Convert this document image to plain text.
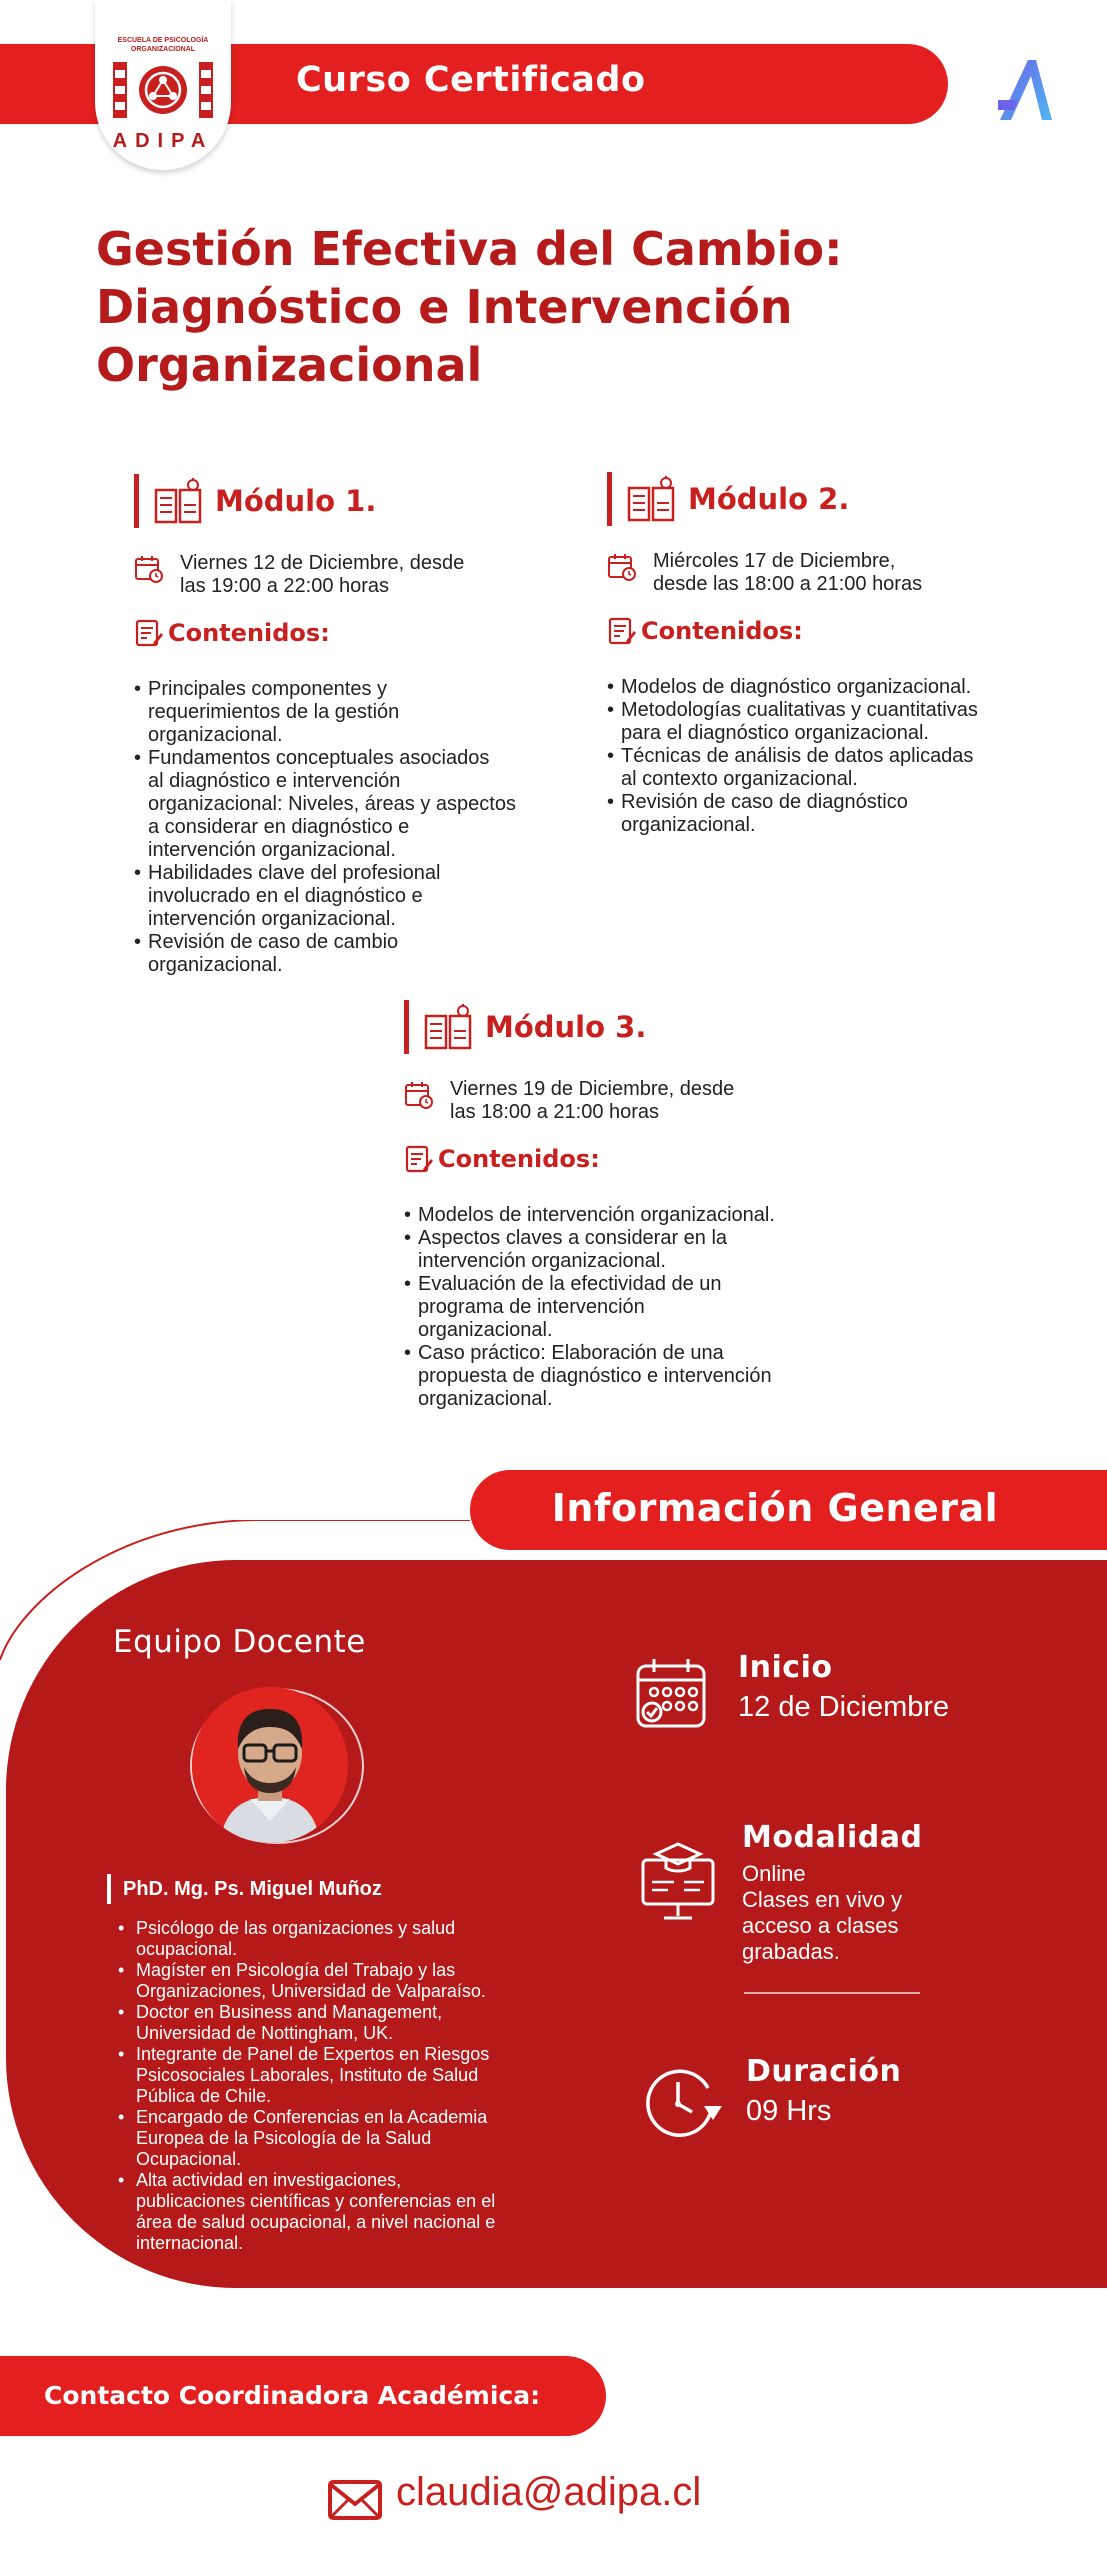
Curso Certificado
ESCUELA DE PSICOLOGÍA ORGANIZACIONAL
ADIPA
Gestión Efectiva del Cambio:
Diagnóstico e Intervención
Organizacional
Módulo 1.
Viernes 12 de Diciembre, desde
las 19:00 a 22:00 horas
Contenidos:
• Principales componentes y
requerimientos de la gestión
organizacional.
• Fundamentos conceptuales asociados
al diagnóstico e intervención
organizacional: Niveles, áreas y aspectos
a considerar en diagnóstico e
intervención organizacional.
• Habilidades clave del profesional
involucrado en el diagnóstico e
intervención organizacional.
• Revisión de caso de cambio
organizacional.
Módulo 2.
Miércoles 17 de Diciembre,
desde las 18:00 a 21:00 horas
Contenidos:
• Modelos de diagnóstico organizacional.
• Metodologías cualitativas y cuantitativas
para el diagnóstico organizacional.
• Técnicas de análisis de datos aplicadas
al contexto organizacional.
• Revisión de caso de diagnóstico
organizacional.
Módulo 3.
Viernes 19 de Diciembre, desde
las 18:00 a 21:00 horas
Contenidos:
• Modelos de intervención organizacional.
• Aspectos claves a considerar en la
intervención organizacional.
• Evaluación de la efectividad de un
programa de intervención
organizacional.
• Caso práctico: Elaboración de una
propuesta de diagnóstico e intervención
organizacional.
Información General
Equipo Docente
PhD. Mg. Ps. Miguel Muñoz
• Psicólogo de las organizaciones y salud
ocupacional.
• Magíster en Psicología del Trabajo y las
Organizaciones, Universidad de Valparaíso.
• Doctor en Business and Management,
Universidad de Nottingham, UK.
• Integrante de Panel de Expertos en Riesgos
Psicosociales Laborales, Instituto de Salud
Pública de Chile.
• Encargado de Conferencias en la Academia
Europea de la Psicología de la Salud
Ocupacional.
• Alta actividad en investigaciones,
publicaciones científicas y conferencias en el
área de salud ocupacional, a nivel nacional e
internacional.
Inicio
12 de Diciembre
Modalidad
Online
Clases en vivo y
acceso a clases
grabadas.
Duración
09 Hrs
Contacto Coordinadora Académica:
claudia@adipa.cl
